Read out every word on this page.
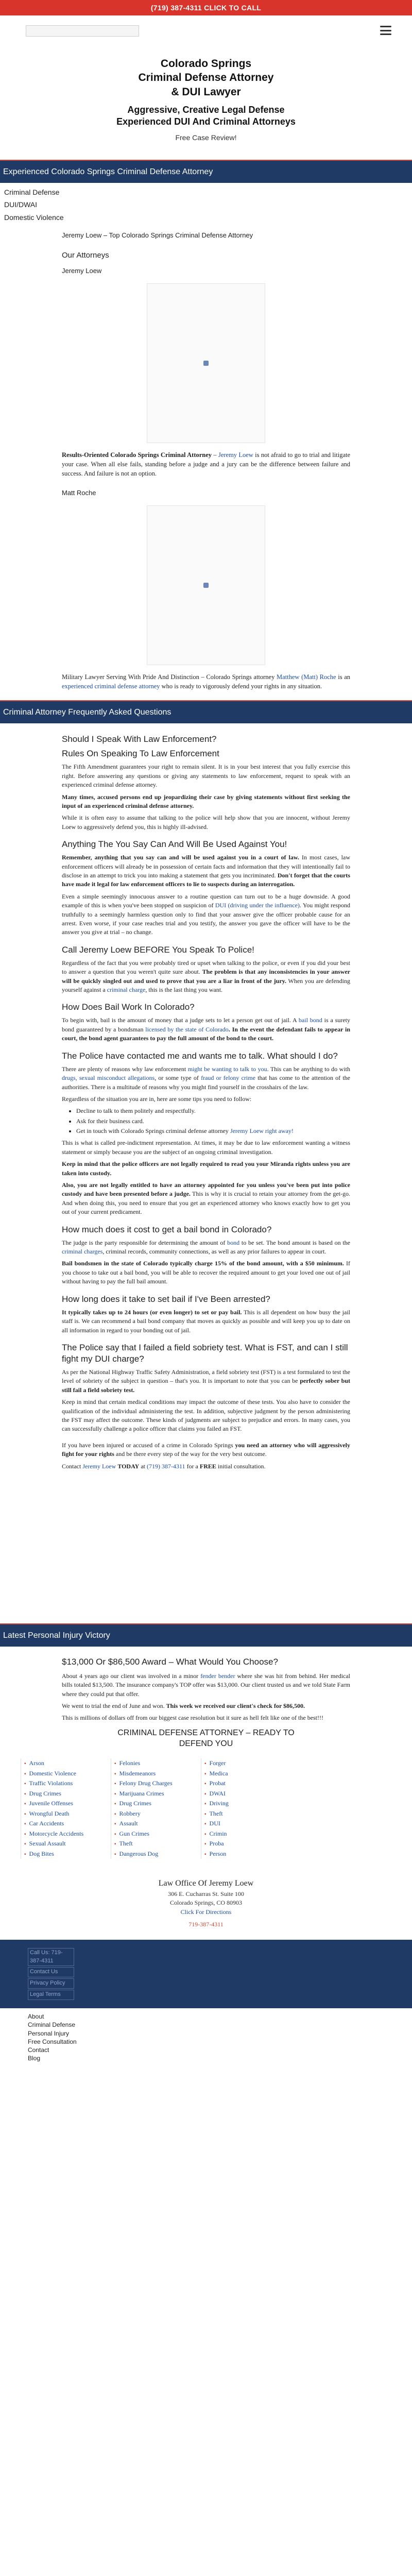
(719) 387-4311 CLICK TO CALL
Colorado Springs
Criminal Defense Attorney
& DUI Lawyer
Aggressive, Creative Legal Defense
Experienced DUI And Criminal Attorneys

Free Case Review!

Experienced Colorado Springs Criminal Defense Attorney
Criminal Defense
DUI/DWAI
Domestic Violence
Jeremy Loew – Top Colorado Springs Criminal Defense Attorney
Our Attorneys
Jeremy Loew

Results-Oriented Colorado Springs Criminal Attorney – Jeremy Loew is not afraid to go to trial and litigate your case. When all else fails, standing before a judge and a jury can be the difference between failure and success. And failure is not an option.

Matt Roche

Military Lawyer Serving With Pride And Distinction – Colorado Springs attorney Matthew (Matt) Roche is an experienced criminal defense attorney who is ready to vigorously defend your rights in any situation.

Criminal Attorney Frequently Asked Questions
Should I Speak With Law Enforcement?
Rules On Speaking To Law Enforcement

The Fifth Amendment guarantees your right to remain silent. It is in your best interest that you fully exercise this right. Before answering any questions or giving any statements to law enforcement, request to speak with an experienced criminal defense attorney.

Many times, accused persons end up jeopardizing their case by giving statements without first seeking the input of an experienced criminal defense attorney.

While it is often easy to assume that talking to the police will help show that you are innocent, without Jeremy Loew to aggressively defend you, this is highly ill-advised.

Anything The You Say Can And Will Be Used Against You!

Remember, anything that you say can and will be used against you in a court of law. In most cases, law enforcement officers will already be in possession of certain facts and information that they will intentionally fail to disclose in an attempt to trick you into making a statement that gets you incriminated. Don't forget that the courts have made it legal for law enforcement officers to lie to suspects during an interrogation.

Even a simple seemingly innocuous answer to a routine question can turn out to be a huge downside. A good example of this is when you've been stopped on suspicion of DUI (driving under the influence). You might respond truthfully to a seemingly harmless question only to find that your answer give the officer probable cause for an arrest. Even worse, if your case reaches trial and you testify, the answer you gave the officer will have to be the answer you give at trial – no change.

Call Jeremy Loew BEFORE You Speak To Police!

Regardless of the fact that you were probably tired or upset when talking to the police, or even if you did your best to answer a question that you weren't quite sure about. The problem is that any inconsistencies in your answer will be quickly singled out and used to prove that you are a liar in front of the jury. When you are defending yourself against a criminal charge, this is the last thing you want.

How Does Bail Work In Colorado?

To begin with, bail is the amount of money that a judge sets to let a person get out of jail. A bail bond is a surety bond guaranteed by a bondsman licensed by the state of Colorado. In the event the defendant fails to appear in court, the bond agent guarantees to pay the full amount of the bond to the court.

The Police have contacted me and wants me to talk. What should I do?

There are plenty of reasons why law enforcement might be wanting to talk to you. This can be anything to do with drugs, sexual misconduct allegations, or some type of fraud or felony crime that has come to the attention of the authorities. There is a multitude of reasons why you might find yourself in the crosshairs of the law.

Regardless of the situation you are in, here are some tips you need to follow:

• Decline to talk to them politely and respectfully.
• Ask for their business card.
• Get in touch with Colorado Springs criminal defense attorney Jeremy Loew right away!

This is what is called pre-indictment representation. At times, it may be due to law enforcement wanting a witness statement or simply because you are the subject of an ongoing criminal investigation.

Keep in mind that the police officers are not legally required to read you your Miranda rights unless you are taken into custody.

Also, you are not legally entitled to have an attorney appointed for you unless you've been put into police custody and have been presented before a judge. This is why it is crucial to retain your attorney from the get-go. And when doing this, you need to ensure that you get an experienced attorney who knows exactly how to get you out of your current predicament.

How much does it cost to get a bail bond in Colorado?

The judge is the party responsible for determining the amount of bond to be set. The bond amount is based on the criminal charges, criminal records, community connections, as well as any prior failures to appear in court.

Bail bondsmen in the state of Colorado typically charge 15% of the bond amount, with a $50 minimum. If you choose to take out a bail bond, you will be able to recover the required amount to get your loved one out of jail without having to pay the full bail amount.

How long does it take to set bail if I've Been arrested?

It typically takes up to 24 hours (or even longer) to set or pay bail. This is all dependent on how busy the jail staff is. We can recommend a bail bond company that moves as quickly as possible and will keep you up to date on all information in regard to your bonding out of jail.

The Police say that I failed a field sobriety test. What is FST, and can I still fight my DUI charge?

As per the National Highway Traffic Safety Administration, a field sobriety test (FST) is a test formulated to test the level of sobriety of the subject in question – that's you. It is important to note that you can be perfectly sober but still fail a field sobriety test.

Keep in mind that certain medical conditions may impact the outcome of these tests. You also have to consider the qualification of the individual administering the test. In addition, subjective judgment by the person administering the FST may affect the outcome. These kinds of judgments are subject to prejudice and errors. In many cases, you can successfully challenge a police officer that claims you failed an FST.

If you have been injured or accused of a crime in Colorado Springs you need an attorney who will aggressively fight for your rights and be there every step of the way for the very best outcome.

Contact Jeremy Loew TODAY at (719) 387-4311 for a FREE initial consultation.

Latest Personal Injury Victory
$13,000 Or $86,500 Award – What Would You Choose?

About 4 years ago our client was involved in a minor fender bender where she was hit from behind. Her medical bills totaled $13,500. The insurance company's TOP offer was $13,000. Our client trusted us and we told State Farm where they could put that offer.

We went to trial the end of June and won. This week we received our client's check for $86,500.

This is millions of dollars off from our biggest case resolution but it sure as hell felt like one of the best!!!

CRIMINAL DEFENSE ATTORNEY – READY TO
DEFEND YOU
▪ Arson
▪ Domestic Violence
▪ Traffic Violations
▪ Drug Crimes
▪ Juvenile Offenses
▪ Wrongful Death
▪ Car Accidents
▪ Motorcycle Accidents
▪ Sexual Assault
▪ Dog Bites
▪ Felonies
▪ Misdemeanors
▪ Felony Drug Charges
▪ Marijuana Crimes
▪ Drug Crimes
▪ Robbery
▪ Assault
▪ Gun Crimes
▪ Theft
▪ Dangerous Dog
▪ Forger
▪ Medica
▪ Probat
▪ DWAI
▪ Driving
▪ Theft
▪ DUI
▪ Crimin
▪ Proba
▪ Person
Law Office Of Jeremy Loew
306 E. Cucharras St. Suite 100
Colorado Springs, CO 80903
Click For Directions
719-387-4311
Call Us: 719-387-4311
Contact Us
Privacy Policy
Legal Terms
About
Criminal Defense
Personal Injury
Free Consultation
Contact
Blog
